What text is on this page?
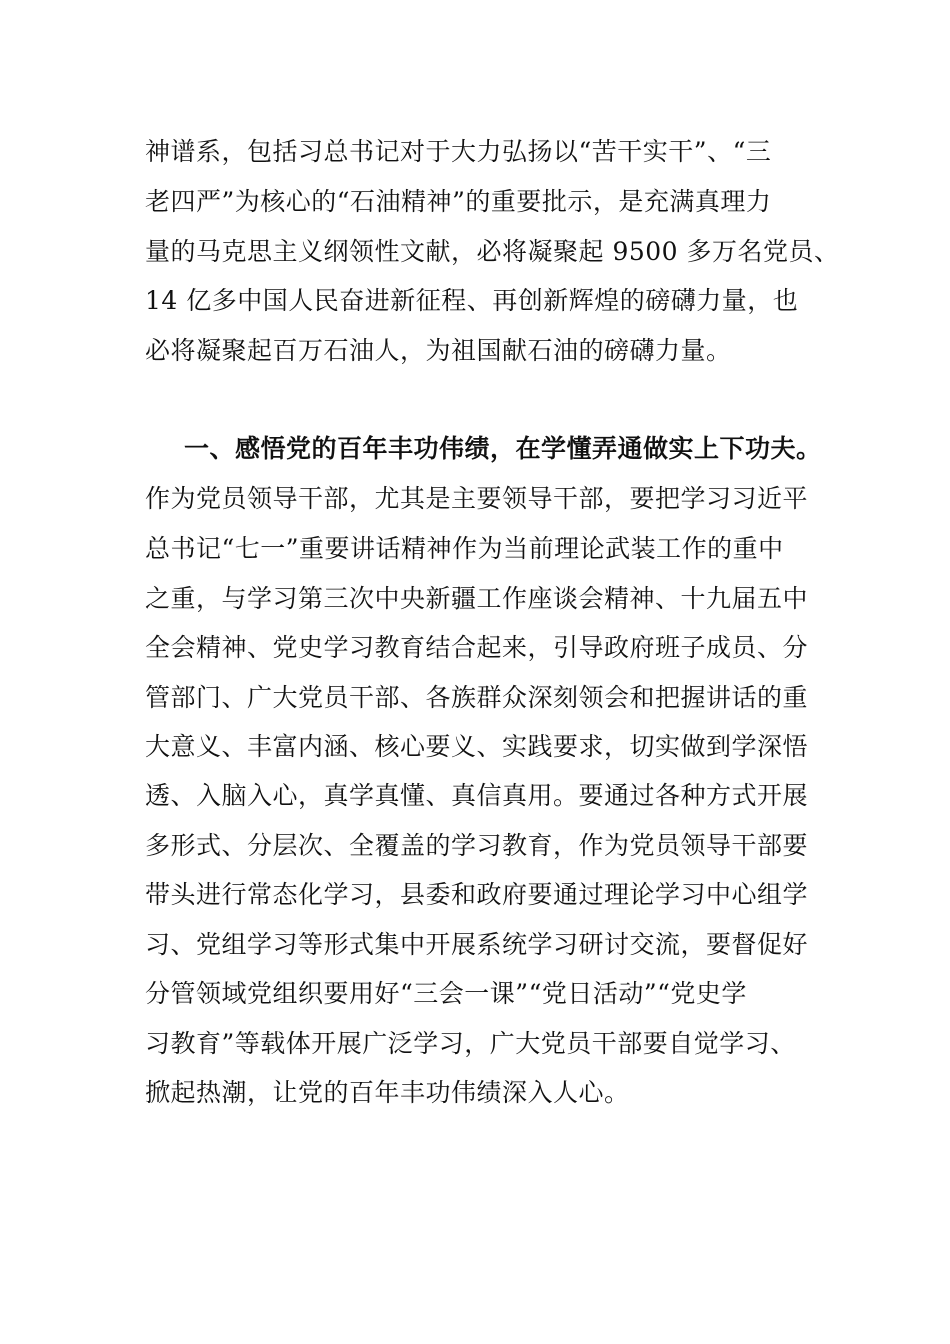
神谱系，包括习总书记对于大力弘扬以“苦干实干”、“三
老四严”为核心的“石油精神”的重要批示，是充满真理力
量的马克思主义纲领性文献，必将凝聚起 9500 多万名党员、
14 亿多中国人民奋进新征程、再创新辉煌的磅礴力量，也
必将凝聚起百万石油人，为祖国献石油的磅礴力量。
一、感悟党的百年丰功伟绩，在学懂弄通做实上下功夫。
作为党员领导干部，尤其是主要领导干部，要把学习习近平
总书记“七一”重要讲话精神作为当前理论武装工作的重中
之重，与学习第三次中央新疆工作座谈会精神、十九届五中
全会精神、党史学习教育结合起来，引导政府班子成员、分
管部门、广大党员干部、各族群众深刻领会和把握讲话的重
大意义、丰富内涵、核心要义、实践要求，切实做到学深悟
透、入脑入心，真学真懂、真信真用。要通过各种方式开展
多形式、分层次、全覆盖的学习教育，作为党员领导干部要
带头进行常态化学习，县委和政府要通过理论学习中心组学
习、党组学习等形式集中开展系统学习研讨交流，要督促好
分管领域党组织要用好“三会一课”“党日活动”“党史学
习教育”等载体开展广泛学习，广大党员干部要自觉学习、
掀起热潮，让党的百年丰功伟绩深入人心。
